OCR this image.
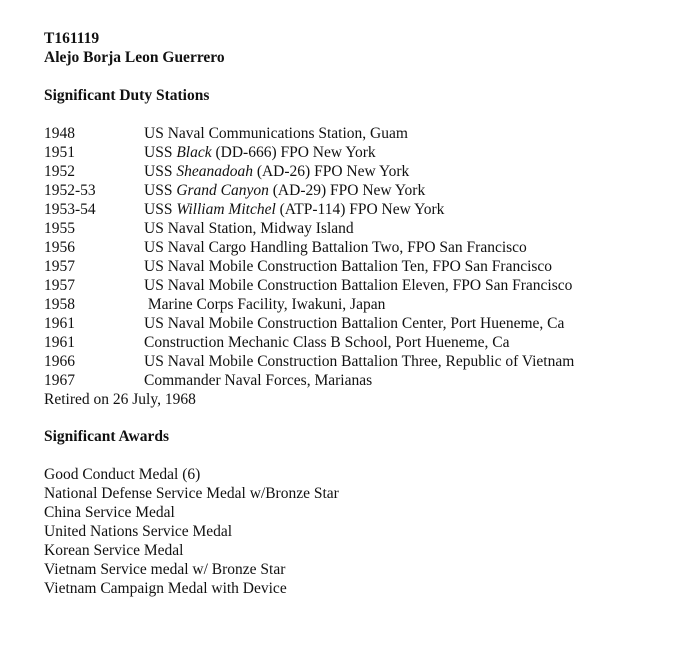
T161119
Alejo Borja Leon Guerrero
Significant Duty Stations
1948	US Naval Communications Station, Guam
1951	USS Black (DD-666) FPO New York
1952	USS Sheanadoah (AD-26) FPO New York
1952-53	USS Grand Canyon (AD-29) FPO New York
1953-54	USS William Mitchel (ATP-114) FPO New York
1955	US Naval Station, Midway Island
1956	US Naval Cargo Handling Battalion Two, FPO San Francisco
1957	US Naval Mobile Construction Battalion Ten, FPO San Francisco
1957	US Naval Mobile Construction Battalion Eleven, FPO San Francisco
1958	Marine Corps Facility, Iwakuni, Japan
1961	US Naval Mobile Construction Battalion Center, Port Hueneme, Ca
1961	Construction Mechanic Class B School, Port Hueneme, Ca
1966	US Naval Mobile Construction Battalion Three, Republic of Vietnam
1967	Commander Naval Forces, Marianas
Retired on 26 July, 1968
Significant Awards
Good Conduct Medal (6)
National Defense Service Medal w/Bronze Star
China Service Medal
United Nations Service Medal
Korean Service Medal
Vietnam Service medal w/ Bronze Star
Vietnam Campaign Medal with Device
